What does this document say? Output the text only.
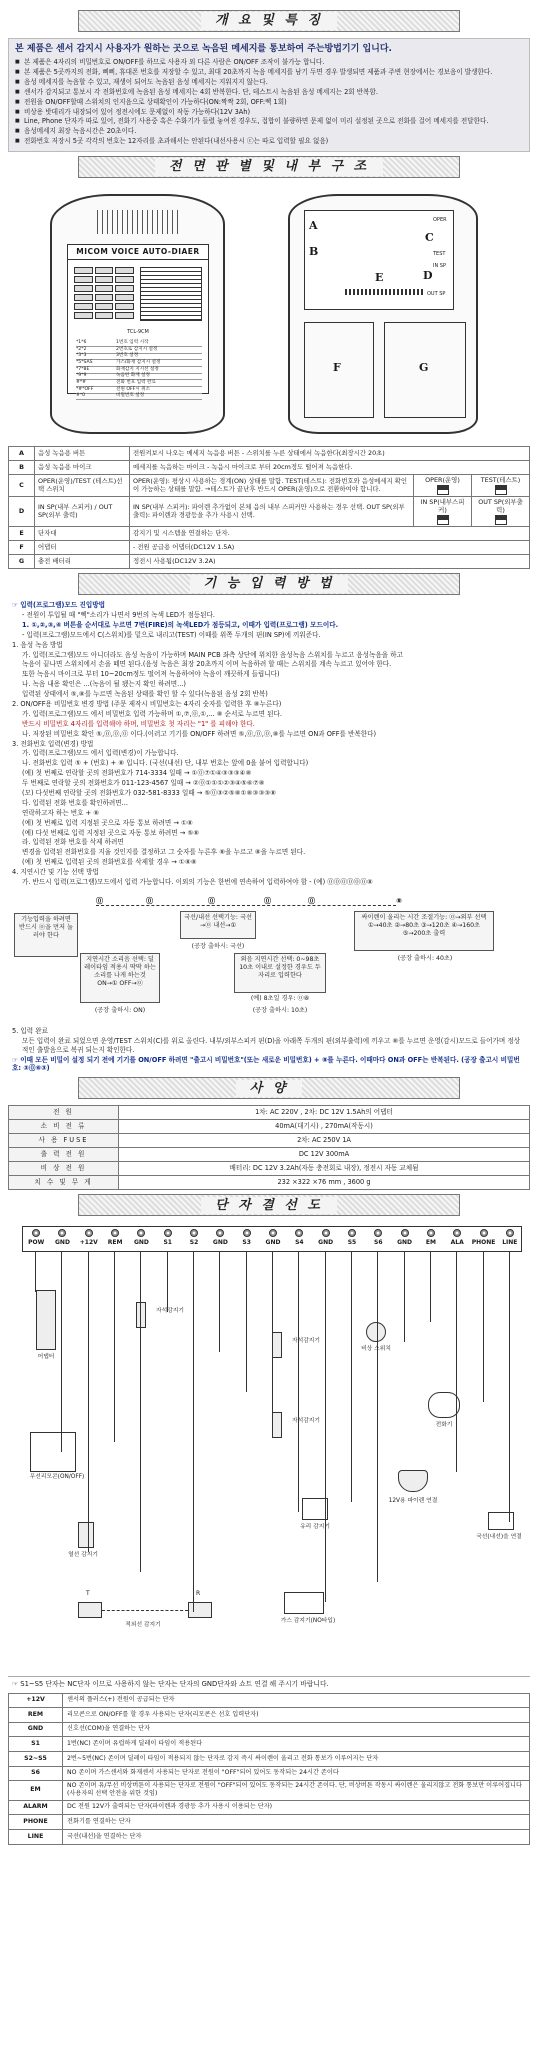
개 요 및 특 징
본 제품은 센서 감지시 사용자가 원하는 곳으로 녹음된 메세지를 통보하여 주는방법기기 입니다.
■ 본 제품은 4자리의 비밀번호로 ON/OFF를 하므로 사용자 외 다른 사람은 ON/OFF 조작이 불가능 합니다.
■ 본 제품은 5곳까지의 전화, 삐삐, 휴대폰 번호를 저장할 수 있고, 최대 20초까지 녹음 메세지를 남기 두면 경우 발생되면 제품과 주변 현장에서는 경보음이 발생한다.
■ 음성 메세지를 녹음할 수 있고, 재생이 되어도 녹음된 음성 메세지는 지워지지 않는다.
■ 센서가 감지되고 통보시 각 전화번호에 녹음된 음성 메세지는 4회 반복한다. 단, 테스트시 녹음된 음성 메세지는 2회 반복함.
■ 전원을 ON/OFF할때 스위치의 인지음으로 상태확인이 가능하다(ON:짝짝 2회, OFF:삑 1회)
■ 비상용 밧데리가 내장되어 있어 정전시에도 문제없이 작동 가능하다(12V 3Ah)
■ Line, Phone 단자가 따로 있어, 전화기 사용중 혹은 수화기가 들렸 놓여진 경우도, 접합이 불량하면 문제 없이 미리 설정된 곳으로 전화를 걸어 메세지를 전달한다.
■ 음성메세지 최장 녹음시간은 20초이다.
■ 전화번호 저장시 5곳 각각의 번호는 12자리를 초과해서는 안된다(내선사용시 ⓒ는 따로 입력할 필요 없음)
전 면 판 별 및 내 부 구 조
MICOM VOICE AUTO-DIAER
TCL-9CM
*1*6	1번호 입력 시작
*2*2	2번호로 감지시 설정
*3*3	3번호 설정
*5*SAS	가스/화재 감지시 설정
*7*8E	화재감지 지시선 설정
*9*9	녹음된 화재 설정
#*#	전화 번호 입력 완료
*#*OFF	전원 OFF시 취소
#*0	비밀번호 설정
A
B
C
D
E
OPER
TEST
IN SP
OUT SP
F	G
A	음성 녹음용 버튼	전원켜보시 나오는 메세지 녹음용 버튼 - 스위치를 누른 상태에서 녹음한다(최장시간 20초)		
B	음성 녹음용 마이크	메세지를 녹음하는 마이크 - 녹음시 마이크로 부터 20cm정도 떨어져 녹음한다.		
C	OPER(운영)/TEST (테스트)선택 스위치	OPER(운영): 평상시 사용하는 경계(ON) 상태를 말함. TEST(테스트): 전화번호와 음성메세지 확인이 가능하는 상태를 말함. →테스트가 끝난후 반드시 OPER(운영)으로 전환하여야 합니다.	OPER(운영)	TEST(테스트)

D	IN SP(내부 스피커) / OUT SP(외부 출력)	IN SP(내부 스피커): 파이렌 추가없이 본체 음의 내부 스피커만 사용하는 경우 선택. OUT SP(외부 출력): 파이렌과 경광등을 추가 사용시 선택.	IN SP(내부스피커)	OUT SP(외부출력)

E	단자대	감지기 및 시스템을 연결하는 단자.		
F	어댑터	- 전원 공급용 어댑터(DC12V 1.5A)		
G	충전 배터리	정전시 사용됨(DC12V 3.2A)		
기 능 입 력 방 법

☞ 입력(프로그램)모드 진입방법

- 전원이 투입될 때 "삑"소리가 나면서 9번의 녹색 LED가 점등된다.

1. ①,②,③,④ 버튼을 순서대로 누르면 7번(FIRE)의 녹색LED가 점등되고, 이때가 입력(프로그램) 모드이다.

- 입력(프로그램)모드에서 C(스위치)를 밑으로 내리고(TEST) 이때를 위쪽 두개의 핀(IN SP)에 끼워준다.

1. 음성 녹음 방법

가. 입력(프로그램)모드 아니더라도 음성 녹음이 가능하며 MAIN PCB 좌측 상단에 위치한 음성녹음 스위치를 누르고 음성녹음을 하고

녹음이 끝나면 스위치에서 손을 떼면 된다.(음성 녹음은 최장 20초까지 이며 녹음하려 할 때는 스위치를 계속 누르고 있어야 한다.

또한 녹음시 마이크로 부터 10~20cm정도 떨어져 녹음하여야 녹음이 깨끗하게 들립니다)

나. 녹음 내용 확인은 ...(녹음이 될 됐는지 확인 하려면...)

입력된 상태에서 ⑤,⑧를 누르면 녹음된 상태를 확인 할 수 있다(녹음된 음성 2회 반복)

2. ON/OFF용 비밀번호 변경 방법 (주문 제작시 비밀번호는 4자리 숫자를 입력한 후 ⑧누른다)

가. 입력(프로그램)모드 에서 비밀번호 입력 가능하며 ①,⑦,⓪,①,... ⑧ 순서로 누르면 된다.

반드시 비밀번호 4자리를 입력해야 하며, 비밀번호 첫 자리는 "1" 를 피해야 한다.

나. 저장된 비밀번호 확인 ⑤,⓪,⓪,⓪ 이다.(이러고 기기를 ON/OFF 하려면 ⑤,⓪,⓪,⓪,⑧를 누르면 ON과 OFF를 반복한다)

3. 전화번호 입력(변경) 방법

가. 입력(프로그램)모드 에서 입력(변경)이 가능합니다.

나. 전화번호 입력 ⑤ + (번호) + ⑧ 입니다. (국선(내선) 단, 내부 번호는 앞에 0을 붙여 입력합니다)

(예) 첫 번째로 연락할 곳의 전화번호가 714-3334 일때 → ①⓪⑦①④③③③④⑧

두 번째로 연락할 곳의 전화번호가 011-123-4567 일때 → ②⓪①①①②③④⑤⑥⑦⑧

(모) 다섯번째 연락할 곳의 전화번호가 032-581-8333 일때 → ⑤⓪③②⑤⑧①⑧③③③⑧

다. 입력된 전화 번호를 확인하려면...

연락하고자 하는 번호 + ⑧

(예) 첫 번째로 입력 지정된 곳으로 자동 통보 하려면 → ①⑧

(예) 다섯 번째로 입력 지정된 곳으로 자동 통보 하려면 → ⑤⑧

라. 입력된 전화 번호를 삭제 하려면

변경을 입력된 전화번호를 지울 것인지를 결정하고 그 숫자를 누른후 ⑧을 누르고 ⑧을 누르면 된다.

(예) 첫 번째로 입력된 곳의 전화번호를 삭제할 경우 → ①⑧⑧

4. 지연시간 및 기능 선택 방법

가. 반드시 입력(프로그램)모드에서 입력 가능합니다. 이외의 기능은 한번에 연속하여 입력하여야 함 - (예) ⓪⓪⓪⓪⓪⓪⑧

⓪	⓪	⓪	⓪	⓪	⑧
기능입력을 하려면 반드시 ⓪을 먼저 눌러야 한다
지연시간 소리음 선택: 딜레이타임 적용시 딱딱 하는 소리를 나게 하는것 ON→① OFF→⓪
국선/내선 선택기능: 국선→⓪ 내선→①
외음 지연시간 선택: 0~98초 10초 이내로 설정한 경우도 두자리로 입력한다
싸이렌이 울리는 시간 조절기능: ⓪→외부 선택 ①→40초 ②→80초 ③→120초 ④→160초 ⑤→200초 출력
(공장 출하시: 40초)
(공장 출하시: 국선)
(공장 출하시: ON)
(예) 8초일 경우: ⓪⑧
(공장 출하시: 10초)

5. 입력 완료

모든 입력이 완료 되었으면 운영/TEST 스위치(C)를 위로 올린다. 내부/외부스피커 핀(D)을 아래쪽 두개의 핀(외부출력)에 끼우고 ⑧를 누르면 운영(감시)모드로 들어가며 정상적인 출발음으로 복귀 되는지 확인한다.

☞ 이때 모든 비밀이 설정 되기 전에 기기를 ON/OFF 하려면 "출고시 비밀번호"(또는 새로운 비밀번호) + ⑧를 누른다. 이때마다 ON과 OFF는 반복된다. (공장 출고시 비밀번호: ③⓪⑥③)

사 양
전 원	1차: AC 220V , 2차: DC 12V 1.5Ah의 어댑터
소 비 전 류	40mA(대기시) , 270mA(작동시)
사 용 FUSE	2차: AC 250V 1A
출 력 전 원	DC 12V 300mA
비 상 전 원	배터리: DC 12V 3.2Ah(자동 충전회로 내장), 정전시 자동 교체됨
치 수 및 무 게	232 ×322 ×76 mm , 3600 g
단 자 결 선 도
POW	GND	+12V	REM	GND	S1	S2	GND	S3	GND	S4	GND	S5	S6	GND	EM	ALA	PHONE	LINE
어댑터
무선리모콘(ON/OFF)
자석감지기
자석감지기
자석감지기
열선 감지기
T	R
적외선 감지기
유리 감지기
가스 감지기(NO타입)
비상 스위치
12V용 파이렌 연결
전화기
국선(내선)을 연결
☞ S1~S5 단자는 NC단자 이므로 사용하지 않는 단자는 단자의 GND단자와 쇼트 연결 해 주시기 바랍니다.
+12V	센서의 플러스(+) 전원이 공급되는 단자
REM	리모콘으로 ON/OFF를 할 경우 사용되는 단자(리모콘은 선호 입력단자)
GND	신호선(COM)을 연결하는 단자
S1	1번(NC) 존이며 유럽하게 딜레이 타임이 적용된다
S2~S5	2번~5번(NC) 존이며 딜레이 타임이 적용되지 않는 단자로 감지 즉시 싸이렌이 울리고 전화 통보가 이루어지는 단자
S6	NO 존이며 가스센서와 화재센서 사용되는 단자로 전원이 "OFF"되어 있어도 동작되는 24시간 존이다
EM	NO 존이며 유/무선 비상버튼이 사용되는 단자로 전원이 "OFF"되어 있어도 동작되는 24시간 존이다. 단, 비상버튼 작동시 싸이렌은 울리지않고 전화 통보만 이루어집니다(사용자의 선택 안전을 위한 것임)
ALARM	DC 전원 12V가 출력되는 단자(파이렌과 경광등 추가 사용시 이용되는 단자)
PHONE	전화기를 연결하는 단자
LINE	국선(내선)을 연결하는 단자
